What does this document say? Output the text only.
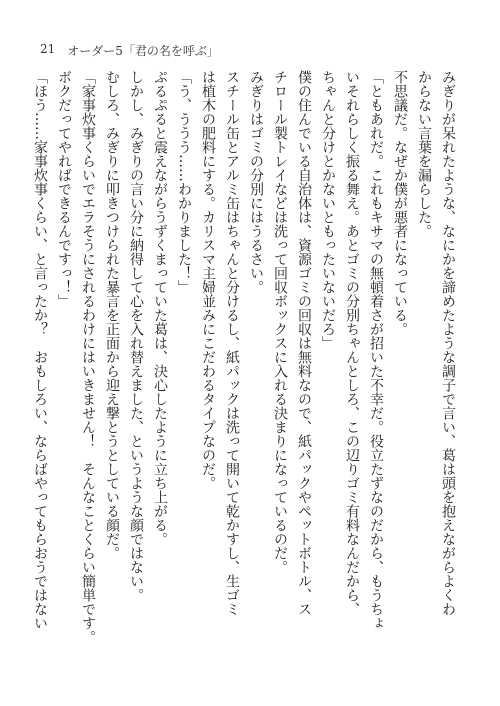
21 オーダー5「君の名を呼ぶ」

みぎりが呆れたような、なにかを諦めたような調子で言い、葛は頭を抱えながらよくわ

からない言葉を漏らした。

不思議だ。なぜか僕が悪者になっている。

「ともあれだ。これもキサマの無頓着さが招いた不幸だ。役立たずなのだから、もうちょ

いそれらしく振る舞え。あとゴミの分別ちゃんとしろ、この辺りゴミ有料なんだから、

ちゃんと分けとかないともったいないだろ」

僕の住んでいる自治体は、資源ゴミの回収は無料なので、紙パックやペットボトル、ス

チロール製トレイなどは洗って回収ボックスに入れる決まりになっているのだ。

みぎりはゴミの分別にはうるさい。

スチール缶とアルミ缶はちゃんと分けるし、紙パックは洗って開いて乾かすし、生ゴミ

は植木の肥料にする。カリスマ主婦並みにこだわるタイプなのだ。

「う、ううう……わかりました！」

ぷるぷると震えながらうずくまっていた葛は、決心したように立ち上がる。

しかし、みぎりの言い分に納得して心を入れ替えました、というような顔ではない。

むしろ、みぎりに叩きつけられた暴言を正面から迎え撃とうとしている顔だ。

「家事炊事くらいでエラそうにされるわけにはいきません！　そんなことくらい簡単です。

ボクだってやればできるんですっ！」

「ほう……家事炊事くらい、と言ったか？　おもしろい、ならばやってもらおうではない
